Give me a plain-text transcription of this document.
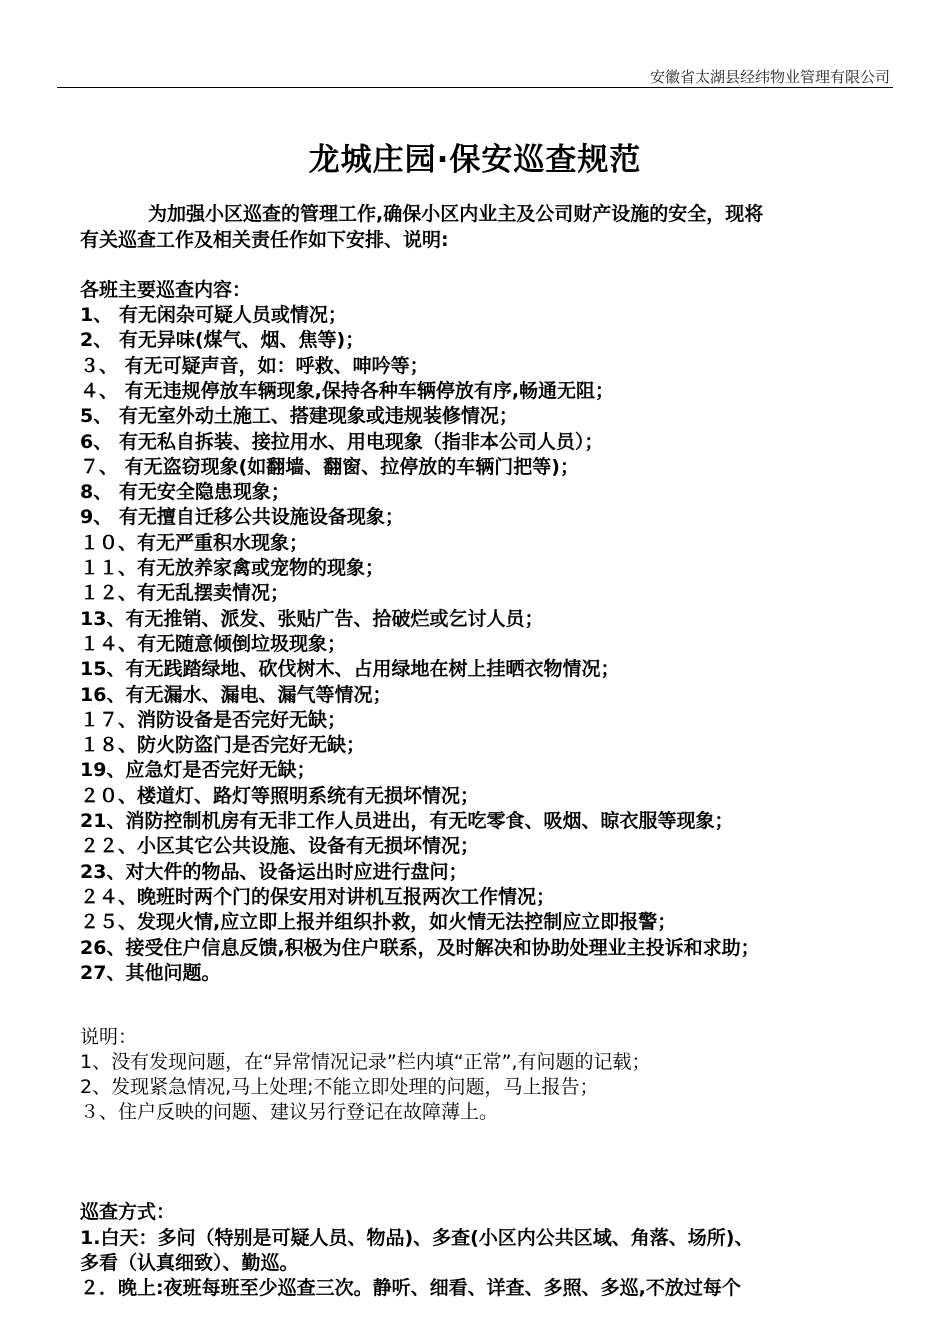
安徽省太湖县经纬物业管理有限公司
龙城庄园·保安巡查规范
为加强小区巡查的管理工作,确保小区内业主及公司财产设施的安全，现将
有关巡查工作及相关责任作如下安排、说明:
各班主要巡查内容：
1、 有无闲杂可疑人员或情况；
2、 有无异味(煤气、烟、焦等)；
３、 有无可疑声音，如：呼救、呻吟等；
４、 有无违规停放车辆现象,保持各种车辆停放有序,畅通无阻；
5、 有无室外动土施工、搭建现象或违规装修情况；
6、 有无私自拆装、接拉用水、用电现象（指非本公司人员）；
７、 有无盗窃现象(如翻墙、翻窗、拉停放的车辆门把等)；
8、 有无安全隐患现象；
9、 有无擅自迁移公共设施设备现象；
１０、有无严重积水现象；
１１、有无放养家禽或宠物的现象；
１２、有无乱摆卖情况；
13、有无推销、派发、张贴广告、拾破烂或乞讨人员；
１４、有无随意倾倒垃圾现象；
15、有无践踏绿地、砍伐树木、占用绿地在树上挂晒衣物情况；
16、有无漏水、漏电、漏气等情况；
１７、消防设备是否完好无缺；
１８、防火防盗门是否完好无缺；
19、应急灯是否完好无缺；
２０、楼道灯、路灯等照明系统有无损坏情况；
21、消防控制机房有无非工作人员进出，有无吃零食、吸烟、晾衣服等现象；
２２、小区其它公共设施、设备有无损坏情况；
23、对大件的物品、设备运出时应进行盘问；
２４、晚班时两个门的保安用对讲机互报两次工作情况；
２５、发现火情,应立即上报并组织扑救，如火情无法控制应立即报警；
26、接受住户信息反馈,积极为住户联系，及时解决和协助处理业主投诉和求助；
27、其他问题。
说明：
1、没有发现问题，在“异常情况记录”栏内填“正常”,有问题的记载；
2、发现紧急情况,马上处理;不能立即处理的问题，马上报告；
３、住户反映的问题、建议另行登记在故障薄上。
巡查方式：
1.白天：多问（特别是可疑人员、物品)、多查(小区内公共区域、角落、场所)、
多看（认真细致）、勤巡。
２．晚上:夜班每班至少巡查三次。静听、细看、详查、多照、多巡,不放过每个
